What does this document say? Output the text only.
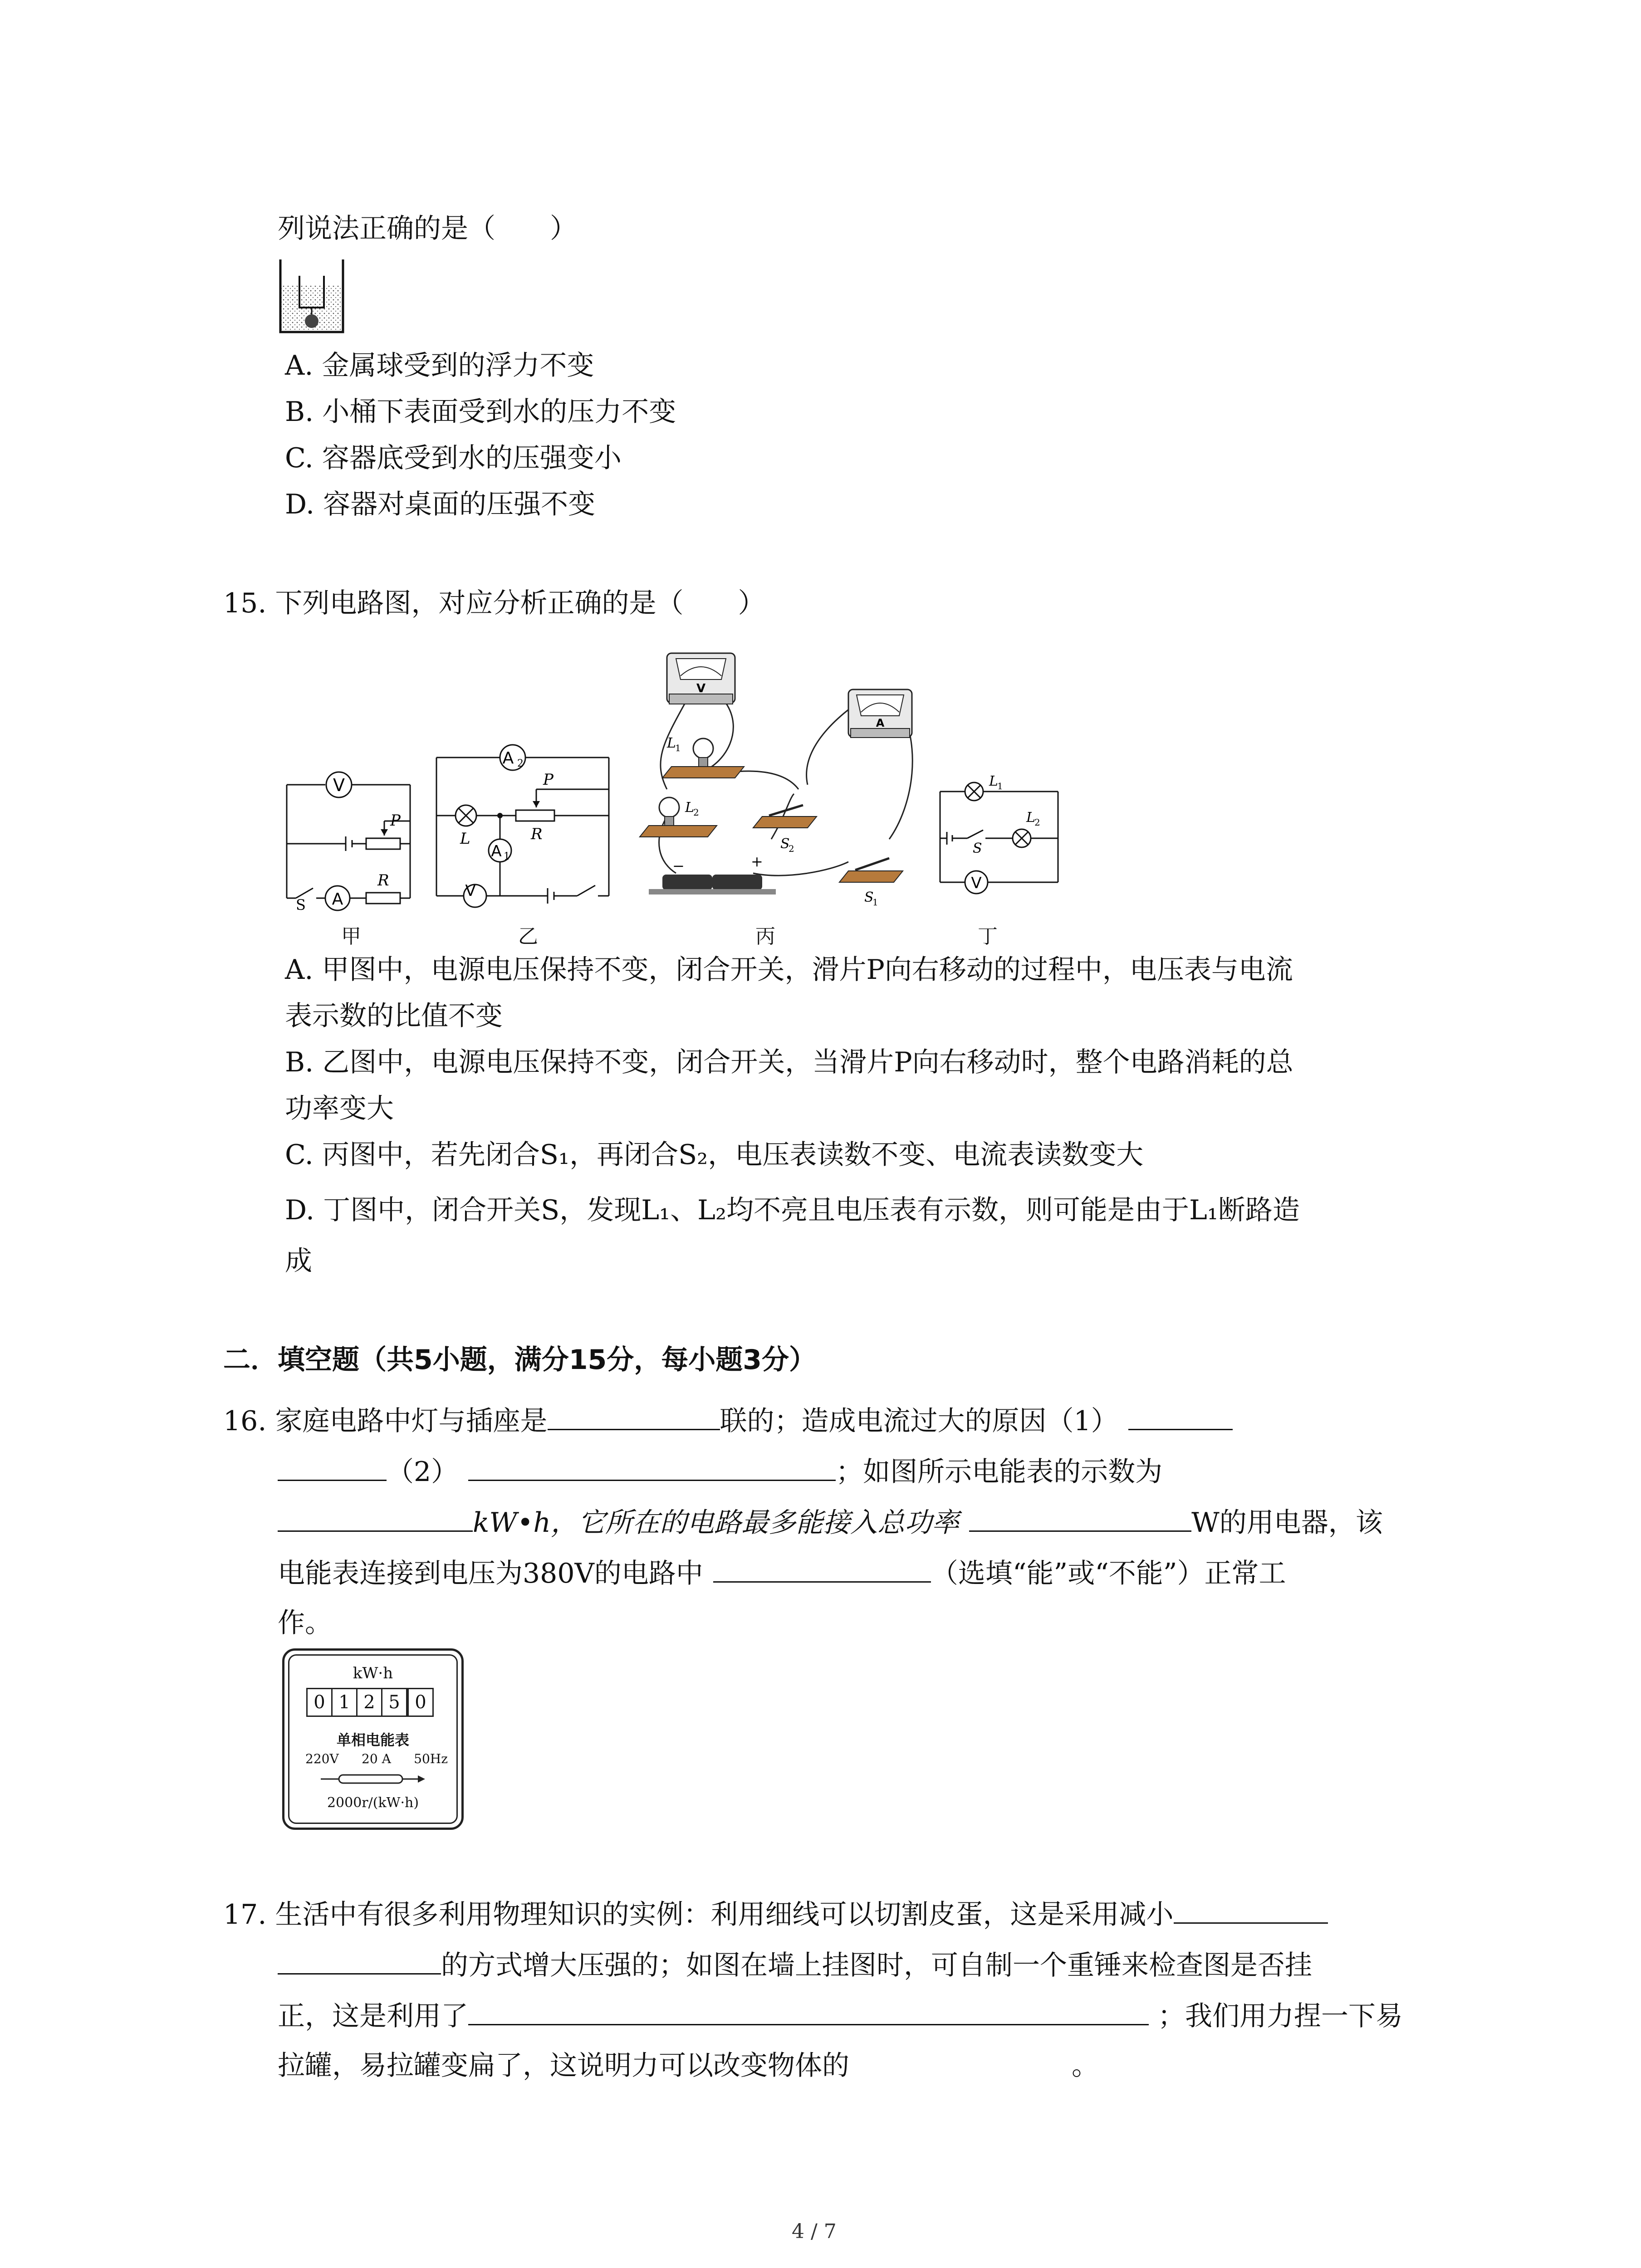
列说法正确的是（　　）
A. 金属球受到的浮力不变
B. 小桶下表面受到水的压力不变
C. 容器底受到水的压强变小
D. 容器对桌面的压强不变
15. 下列电路图，对应分析正确的是（　　）
V
A
P
R
S
A 2
A 1
V
L
P
R
V
A
L
1
L
2
S
2
S
1
−	+
V
L
1
L
2
S
甲	乙	丙	丁
A. 甲图中，电源电压保持不变，闭合开关，滑片P向右移动的过程中，电压表与电流
表示数的比值不变
B. 乙图中，电源电压保持不变，闭合开关，当滑片P向右移动时，整个电路消耗的总
功率变大
C. 丙图中，若先闭合S₁，再闭合S₂，电压表读数不变、电流表读数变大
D. 丁图中，闭合开关S，发现L₁、L₂均不亮且电压表有示数，则可能是由于L₁断路造
成
二．填空题（共5小题，满分15分，每小题3分）
16. 家庭电路中灯与插座是	联的；造成电流过大的原因（1）
（2）	；如图所示电能表的示数为
kW•h，它所在的电路最多能接入总功率	W的用电器，该
电能表连接到电压为380V的电路中	（选填“能”或“不能”）正常工
作。
kW·h
0 1 2 5 0
单相电能表
220V 20 A 50Hz
2000r/(kW·h)
17. 生活中有很多利用物理知识的实例：利用细线可以切割皮蛋，这是采用减小
的方式增大压强的；如图在墙上挂图时，可自制一个重锤来检查图是否挂
正，这是利用了	；我们用力捏一下易
拉罐，易拉罐变扁了，这说明力可以改变物体的	。
4 / 7
